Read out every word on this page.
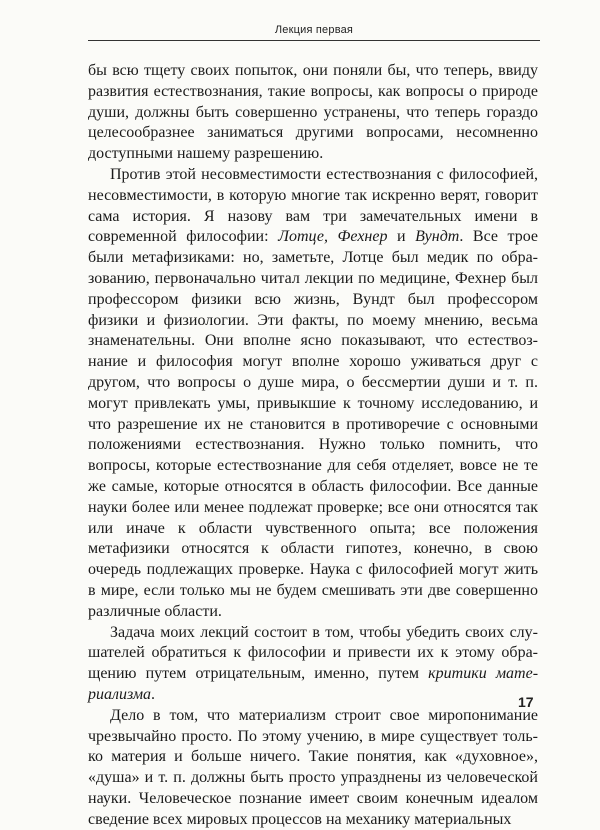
Лекция первая

бы всю тщету своих попыток, они поняли бы, что теперь, ввиду развития естествознания, такие вопросы, как вопросы о природе души, должны быть совершенно устранены, что теперь гораздо целесообразнее заниматься другими вопросами, несомненно доступными нашему разрешению.

Против этой несовместимости естествознания с философией, несовместимости, в которую многие так искренно верят, говорит сама история. Я назову вам три замечательных имени в современной философии: Лотце, Фехнер и Вундт. Все трое были метафизиками: но, заметьте, Лотце был медик по образованию, первоначально читал лекции по медицине, Фехнер был профессором физики всю жизнь, Вундт был профессором физики и физиологии. Эти факты, по моему мнению, весьма знаменательны. Они вполне ясно показывают, что естествознание и философия могут вполне хорошо уживаться друг с другом, что вопросы о душе мира, о бессмертии души и т. п. могут привлекать умы, привыкшие к точному исследованию, и что разрешение их не становится в противоречие с основными положениями естествознания. Нужно только помнить, что вопросы, которые естествознание для себя отделяет, вовсе не те же самые, которые относятся в область философии. Все данные науки более или менее подлежат проверке; все они относятся так или иначе к области чувственного опыта; все положения метафизики относятся к области гипотез, конечно, в свою очередь подлежащих проверке. Наука с философией могут жить в мире, если только мы не будем смешивать эти две совершенно различные области.

Задача моих лекций состоит в том, чтобы убедить своих слушателей обратиться к философии и привести их к этому обращению путем отрицательным, именно, путем критики материализма.

Дело в том, что материализм строит свое миропонимание чрезвычайно просто. По этому учению, в мире существует только материя и больше ничего. Такие понятия, как «духовное», «душа» и т. п. должны быть просто упразднены из человеческой науки. Человеческое познание имеет своим конечным идеалом сведение всех мировых процессов на механику материальных

17
